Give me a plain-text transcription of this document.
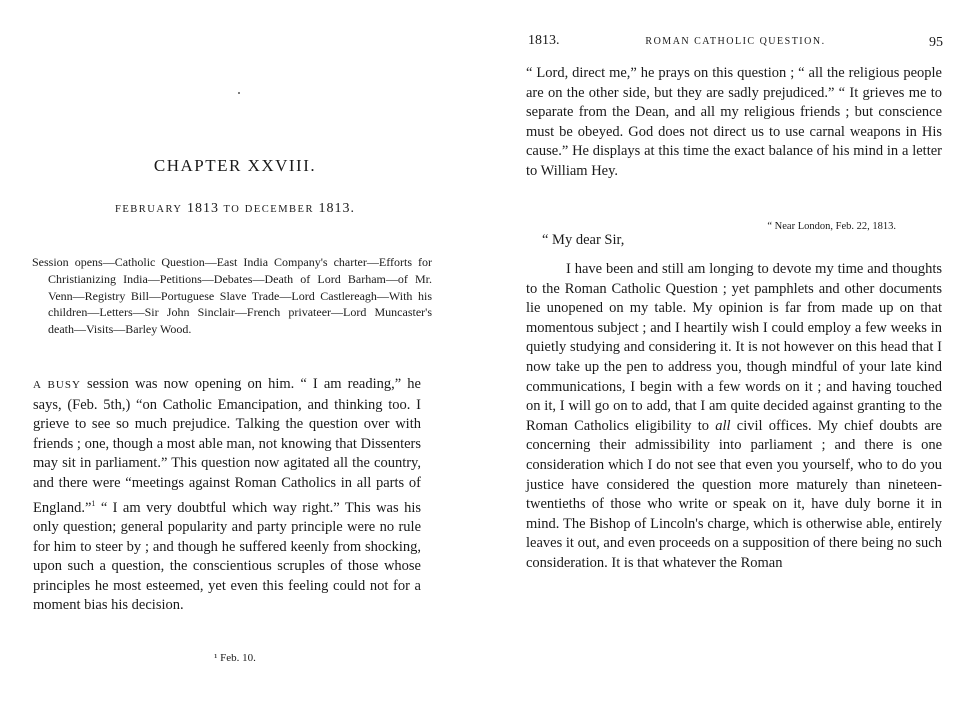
CHAPTER XXVIII.

FEBRUARY 1813 TO DECEMBER 1813.

Session opens—Catholic Question—East India Company's charter—Efforts for Christianizing India—Petitions—Debates—Death of Lord Barham—of Mr. Venn—Registry Bill—Portuguese Slave Trade—Lord Castlereagh—With his children—Letters—Sir John Sinclair—French privateer—Lord Muncaster's death—Visits—Barley Wood.

A BUSY session was now opening on him. “ I am reading,” he says, (Feb. 5th,) “on Catholic Emancipation, and thinking too. I grieve to see so much prejudice. Talking the question over with friends ; one, though a most able man, not knowing that Dissenters may sit in parliament.” This question now agitated all the country, and there were “meetings against Roman Catholics in all parts of England.”$^1$ “ I am very doubtful which way right.” This was his only question; general popularity and party principle were no rule for him to steer by ; and though he suffered keenly from shocking, upon such a question, the conscientious scruples of those whose principles he most esteemed, yet even this feeling could not for a moment bias his decision.

¹ Feb. 10.

1813.	ROMAN CATHOLIC QUESTION.	95

“ Lord, direct me,” he prays on this question ; “ all the religious people are on the other side, but they are sadly prejudiced.” “ It grieves me to separate from the Dean, and all my religious friends ; but conscience must be obeyed. God does not direct us to use carnal weapons in His cause.” He displays at this time the exact balance of his mind in a letter to William Hey.

“ Near London, Feb. 22, 1813.

“ My dear Sir,

I have been and still am longing to devote my time and thoughts to the Roman Catholic Question ; yet pamphlets and other documents lie unopened on my table. My opinion is far from made up on that momentous subject ; and I heartily wish I could employ a few weeks in quietly studying and considering it. It is not however on this head that I now take up the pen to address you, though mindful of your late kind communications, I begin with a few words on it ; and having touched on it, I will go on to add, that I am quite decided against granting to the Roman Catholics eligibility to all civil offices. My chief doubts are concerning their admissibility into parliament ; and there is one consideration which I do not see that even you yourself, who to do you justice have considered the question more maturely than nineteen-twentieths of those who write or speak on it, have duly borne it in mind. The Bishop of Lincoln's charge, which is otherwise able, entirely leaves it out, and even proceeds on a supposition of there being no such consideration. It is that whatever the Roman
